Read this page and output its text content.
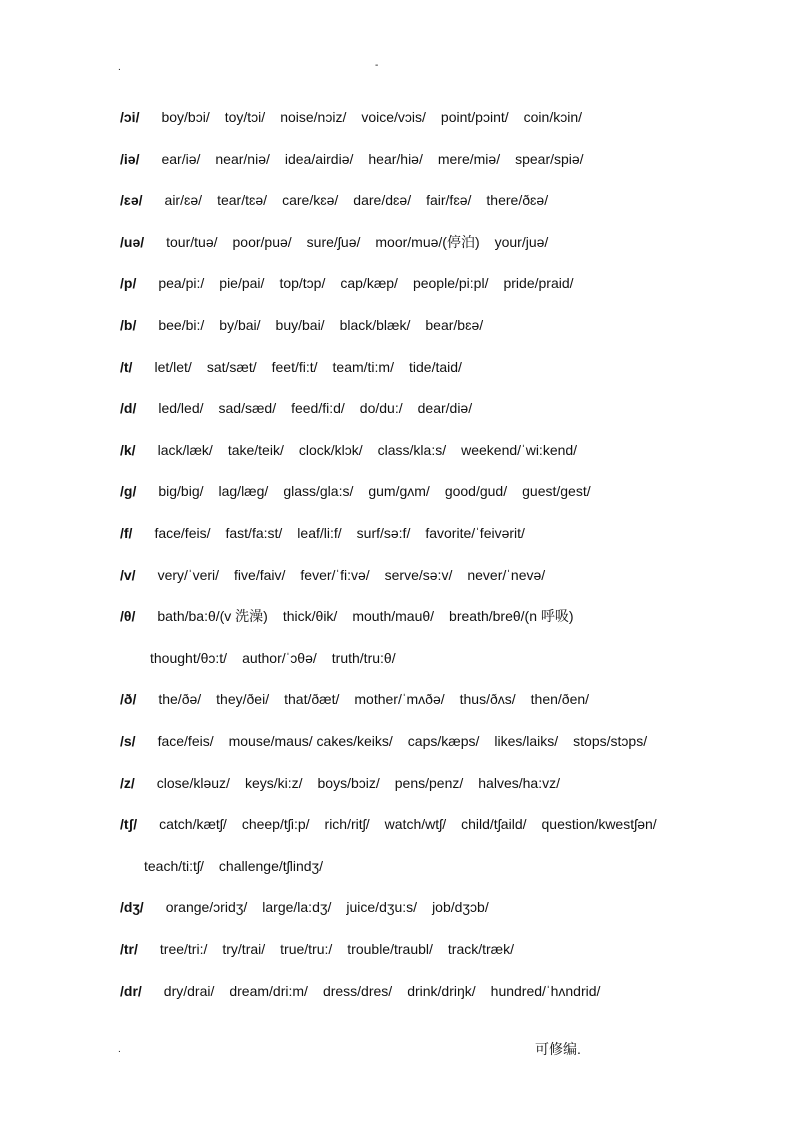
.	-
/ɔi/ boy/bɔi/ toy/tɔi/ noise/nɔiz/ voice/vɔis/ point/pɔint/ coin/kɔin/
/iə/ ear/iə/ near/niə/ idea/airdiə/ hear/hiə/ mere/miə/ spear/spiə/
/ɛə/ air/ɛə/ tear/tɛə/ care/kɛə/ dare/dɛə/ fair/fɛə/ there/ðɛə/
/uə/ tour/tuə/ poor/puə/ sure/ʃuə/ moor/muə/(停泊) your/juə/
/p/ pea/pi:/ pie/pai/ top/tɔp/ cap/kæp/ people/pi:pl/ pride/praid/
/b/ bee/bi:/ by/bai/ buy/bai/ black/blæk/ bear/bɛə/
/t/ let/let/ sat/sæt/ feet/fi:t/ team/ti:m/ tide/taid/
/d/ led/led/ sad/sæd/ feed/fi:d/ do/du:/ dear/diə/
/k/ lack/læk/ take/teik/ clock/klɔk/ class/kla:s/ weekend/ˈwi:kend/
/g/ big/big/ lag/læg/ glass/gla:s/ gum/gʌm/ good/gud/ guest/gest/
/f/ face/feis/ fast/fa:st/ leaf/li:f/ surf/sə:f/ favorite/ˈfeivərit/
/v/ very/ˈveri/ five/faiv/ fever/ˈfi:və/ serve/sə:v/ never/ˈnevə/
/θ/ bath/ba:θ/(v 洗澡) thick/θik/ mouth/mauθ/ breath/breθ/(n 呼吸)
thought/θɔ:t/ author/ˈɔθə/ truth/tru:θ/
/ð/ the/ðə/ they/ðei/ that/ðæt/ mother/ˈmʌðə/ thus/ðʌs/ then/ðen/
/s/ face/feis/ mouse/maus/ cakes/keiks/ caps/kæps/ likes/laiks/ stops/stɔps/
/z/ close/kləuz/ keys/ki:z/ boys/bɔiz/ pens/penz/ halves/ha:vz/
/tʃ/ catch/kætʃ/ cheep/tʃi:p/ rich/ritʃ/ watch/wtʃ/ child/tʃaild/ question/kwestʃən/
teach/ti:tʃ/ challenge/tʃlindʒ/
/dʒ/ orange/ɔridʒ/ large/la:dʒ/ juice/dʒu:s/ job/dʒɔb/
/tr/ tree/tri:/ try/trai/ true/tru:/ trouble/traubl/ track/træk/
/dr/ dry/drai/ dream/dri:m/ dress/dres/ drink/driŋk/ hundred/ˈhʌndrid/
.	可修编.
